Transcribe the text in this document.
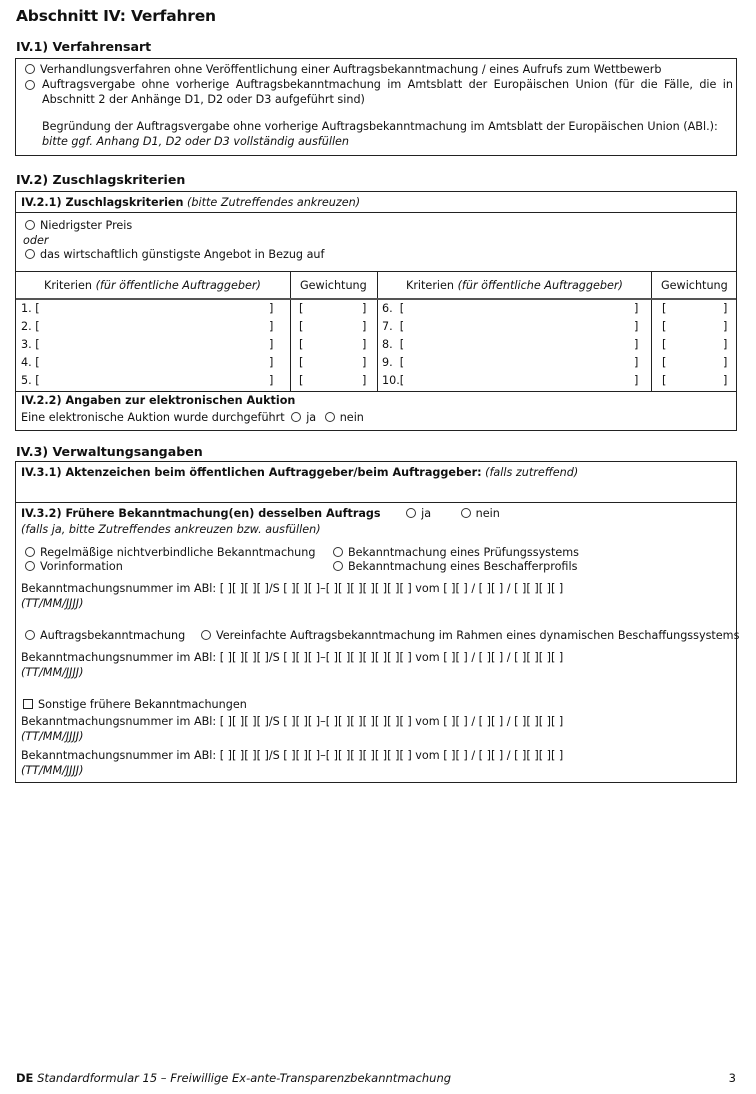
Abschnitt IV: Verfahren
IV.1) Verfahrensart
Verhandlungsverfahren ohne Veröffentlichung einer Auftragsbekanntmachung / eines Aufrufs zum Wettbewerb
Auftragsvergabe ohne vorherige Auftragsbekanntmachung im Amtsblatt der Europäischen Union (für die Fälle, die in Abschnitt 2 der Anhänge D1, D2 oder D3 aufgeführt sind)
Begründung der Auftragsvergabe ohne vorherige Auftragsbekanntmachung im Amtsblatt der Europäischen Union (ABl.):
bitte ggf. Anhang D1, D2 oder D3 vollständig ausfüllen
IV.2) Zuschlagskriterien
IV.2.1) Zuschlagskriterien (bitte Zutreffendes ankreuzen)
Niedrigster Preis
oder
das wirtschaftlich günstigste Angebot in Bezug auf
Kriterien (für öffentliche Auftraggeber)	Gewichtung	Kriterien (für öffentliche Auftraggeber)	Gewichtung
1. [	] [	] 6.  [	] [	]
2. [	] [	] 7.  [	] [	]
3. [	] [	] 8.  [	] [	]
4. [	] [	] 9.  [	] [	]
5. [	] [	] 10.[	] [	]
IV.2.2) Angaben zur elektronischen Auktion
Eine elektronische Auktion wurde durchgeführt ja nein
IV.3) Verwaltungsangaben
IV.3.1) Aktenzeichen beim öffentlichen Auftraggeber/beim Auftraggeber: (falls zutreffend)
IV.3.2) Frühere Bekanntmachung(en) desselben Auftrags	ja	nein
(falls ja, bitte Zutreffendes ankreuzen bzw. ausfüllen)
Regelmäßige nichtverbindliche Bekanntmachung
Vorinformation
Bekanntmachung eines Prüfungssystems
Bekanntmachung eines Beschafferprofils
Bekanntmachungsnummer im ABl: [ ][ ][ ][ ]/S [ ][ ][ ]–[ ][ ][ ][ ][ ][ ][ ] vom [ ][ ] / [ ][ ] / [ ][ ][ ][ ]
(TT/MM/JJJJ)
Auftragsbekanntmachung	Vereinfachte Auftragsbekanntmachung im Rahmen eines dynamischen Beschaffungssystems
Bekanntmachungsnummer im ABl: [ ][ ][ ][ ]/S [ ][ ][ ]–[ ][ ][ ][ ][ ][ ][ ] vom [ ][ ] / [ ][ ] / [ ][ ][ ][ ]
(TT/MM/JJJJ)
Sonstige frühere Bekanntmachungen
Bekanntmachungsnummer im ABl: [ ][ ][ ][ ]/S [ ][ ][ ]–[ ][ ][ ][ ][ ][ ][ ] vom [ ][ ] / [ ][ ] / [ ][ ][ ][ ]
(TT/MM/JJJJ)
Bekanntmachungsnummer im ABl: [ ][ ][ ][ ]/S [ ][ ][ ]–[ ][ ][ ][ ][ ][ ][ ] vom [ ][ ] / [ ][ ] / [ ][ ][ ][ ]
(TT/MM/JJJJ)
DE Standardformular 15 – Freiwillige Ex-ante-Transparenzbekanntmachung	3
